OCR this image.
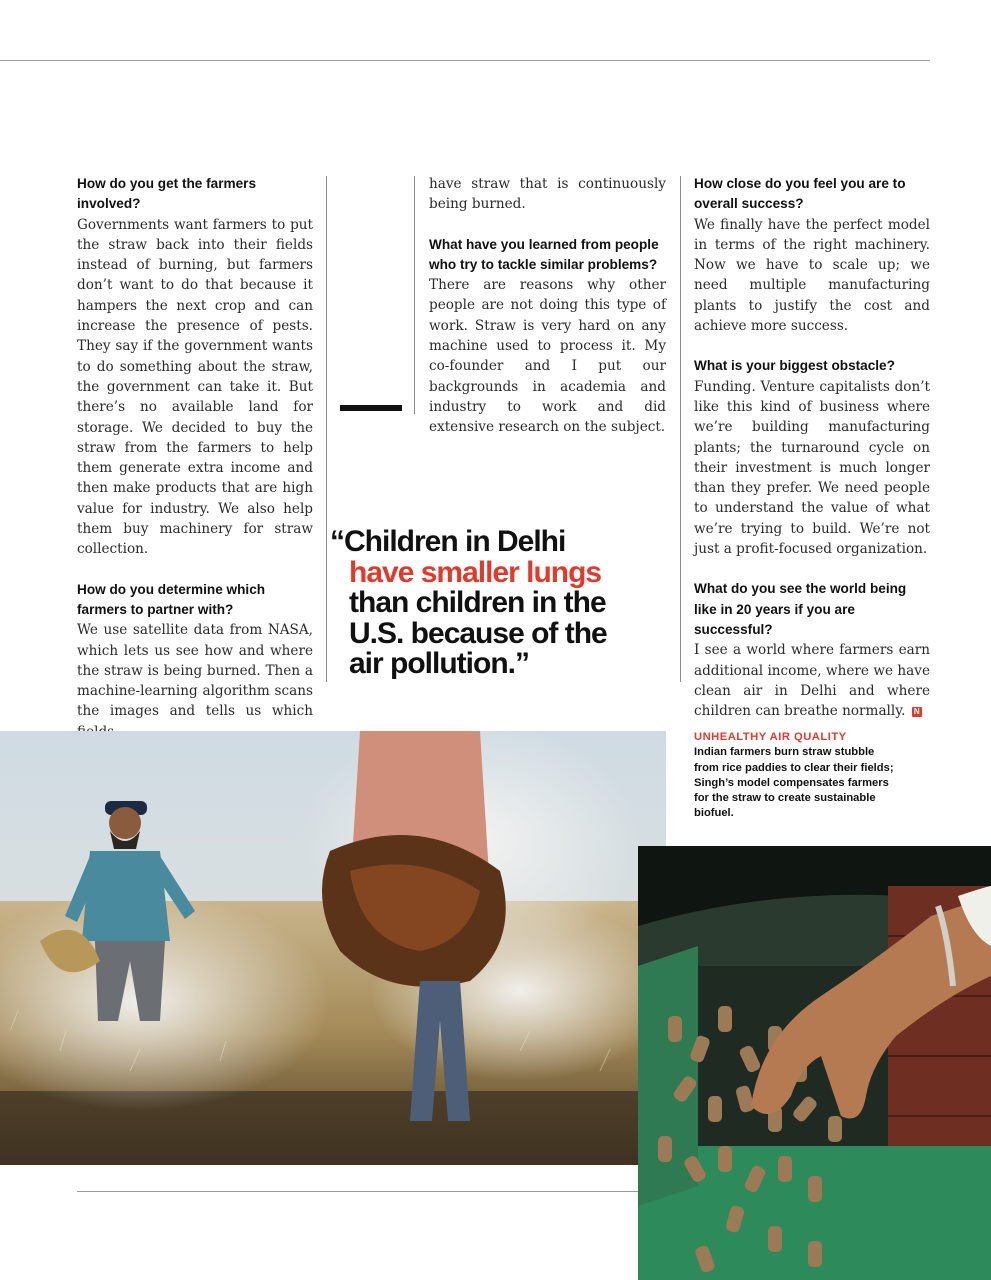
How do you get the farmers involved?

Governments want farmers to put the straw back into their fields instead of burning, but farmers don’t want to do that because it hampers the next crop and can increase the presence of pests. They say if the government wants to do something about the straw, the government can take it. But there’s no available land for storage. We decided to buy the straw from the farmers to help them generate extra income and then make products that are high value for industry. We also help them buy machinery for straw collection.

How do you determine which farmers to partner with?

We use satellite data from NASA, which lets us see how and where the straw is being burned. Then a machine-learning algorithm scans the images and tells us which

have straw that is continuously being burned.

What have you learned from people who try to tackle similar problems?

There are reasons why other people are not doing this type of work. Straw is very hard on any machine used to process it. My co-founder and I put our backgrounds in academia and industry to work and did extensive research on the subject.

How close do you feel you are to overall success?

We finally have the perfect model in terms of the right machinery. Now we have to scale up; we need multiple manufacturing plants to justify the cost and achieve more success.

What is your biggest obstacle?

Funding. Venture capitalists don’t like this kind of business where we’re building manufacturing plants; the turnaround cycle on their investment is much longer than they prefer. We need people to understand the value of what we’re trying to build. We’re not just a profit-focused organization.

What do you see the world being like in 20 years if you are successful?

I see a world where farmers earn additional income, where we have clean air in Delhi and where children can breathe normally. N

“Children in Delhi
have smaller lungs
than children in the
U.S. because of the
air pollution.”
UNHEALTHY AIR QUALITY
Indian farmers burn straw stubble from rice paddies to clear their fields; Singh’s model compensates farmers for the straw to create sustainable biofuel.
